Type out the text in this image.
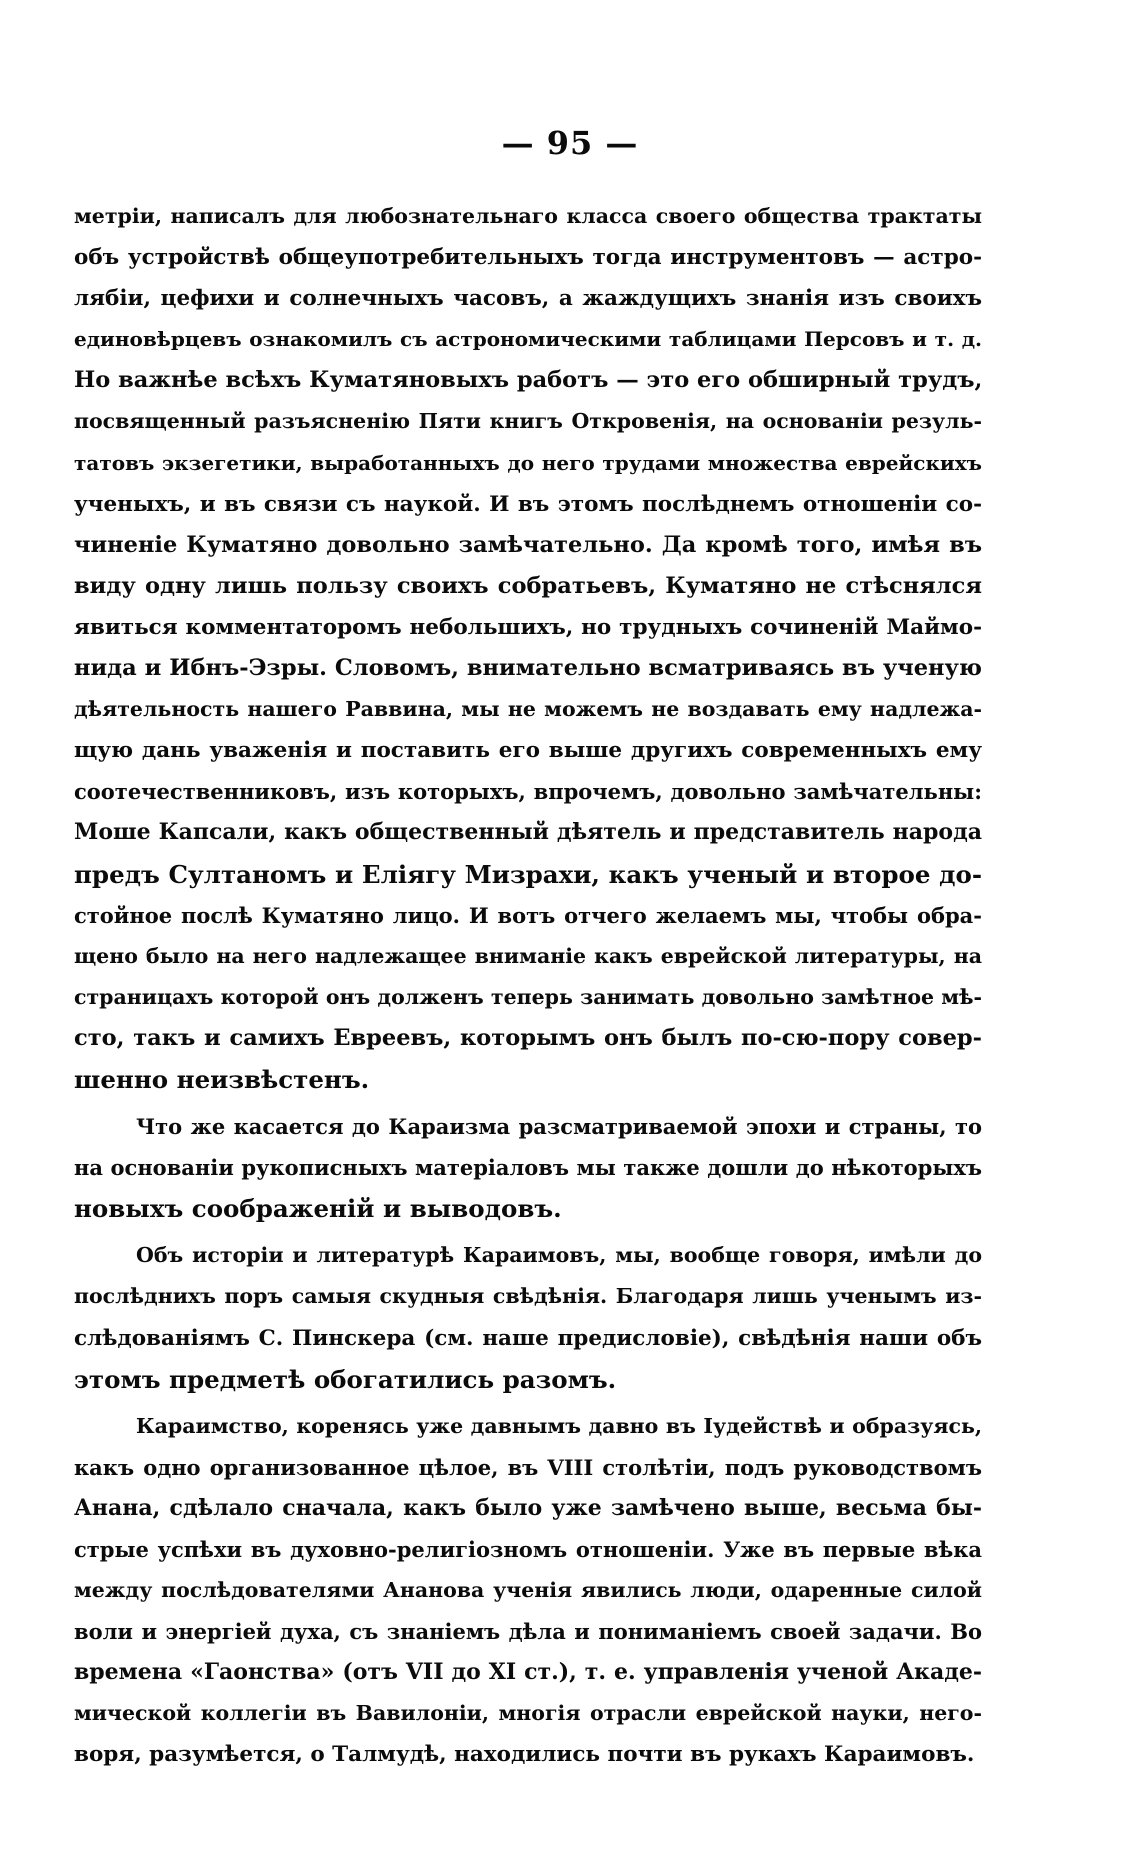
— 95 —
метріи, написалъ для любознательнаго класса своего общества трактаты
объ устройствѣ общеупотребительныхъ тогда инструментовъ — астро-
лябіи, цефихи и солнечныхъ часовъ, а жаждущихъ знанія изъ своихъ
единовѣрцевъ ознакомилъ съ астрономическими таблицами Персовъ и т. д.
Но важнѣе всѣхъ Куматяновыхъ работъ — это его обширный трудъ,
посвященный разъясненію Пяти книгъ Откровенія, на основаніи резуль-
татовъ экзегетики, выработанныхъ до него трудами множества еврейскихъ
ученыхъ, и въ связи съ наукой. И въ этомъ послѣднемъ отношеніи со-
чиненіе Куматяно довольно замѣчательно. Да кромѣ того, имѣя въ
виду одну лишь пользу своихъ собратьевъ, Куматяно не стѣснялся
явиться комментаторомъ небольшихъ, но трудныхъ сочиненій Маймо-
нида и Ибнъ-Эзры. Словомъ, внимательно всматриваясь въ ученую
дѣятельность нашего Раввина, мы не можемъ не воздавать ему надлежа-
щую дань уваженія и поставить его выше другихъ современныхъ ему
соотечественниковъ, изъ которыхъ, впрочемъ, довольно замѣчательны:
Моше Капсали, какъ общественный дѣятель и представитель народа
предъ Султаномъ и Еліягу Мизрахи, какъ ученый и второе до-
стойное послѣ Куматяно лицо. И вотъ отчего желаемъ мы, чтобы обра-
щено было на него надлежащее вниманіе какъ еврейской литературы, на
страницахъ которой онъ долженъ теперь занимать довольно замѣтное мѣ-
сто, такъ и самихъ Евреевъ, которымъ онъ былъ по-сю-пору совер-
шенно неизвѣстенъ.
Что же касается до Караизма разсматриваемой эпохи и страны, то
на основаніи рукописныхъ матеріаловъ мы также дошли до нѣкоторыхъ
новыхъ соображеній и выводовъ.
Объ исторіи и литературѣ Караимовъ, мы, вообще говоря, имѣли до
послѣднихъ поръ самыя скудныя свѣдѣнія. Благодаря лишь ученымъ из-
слѣдованіямъ С. Пинскера (см. наше предисловіе), свѣдѣнія наши объ
этомъ предметѣ обогатились разомъ.
Караимство, коренясь уже давнымъ давно въ Іудействѣ и образуясь,
какъ одно организованное цѣлое, въ VIII столѣтіи, подъ руководствомъ
Анана, сдѣлало сначала, какъ было уже замѣчено выше, весьма бы-
стрые успѣхи въ духовно-религіозномъ отношеніи. Уже въ первые вѣка
между послѣдователями Ананова ученія явились люди, одаренные силой
воли и энергіей духа, съ знаніемъ дѣла и пониманіемъ своей задачи. Во
времена «Гаонства» (отъ VII до XI ст.), т. е. управленія ученой Акаде-
мической коллегіи въ Вавилоніи, многія отрасли еврейской науки, него-
воря, разумѣется, о Талмудѣ, находились почти въ рукахъ Караимовъ.
